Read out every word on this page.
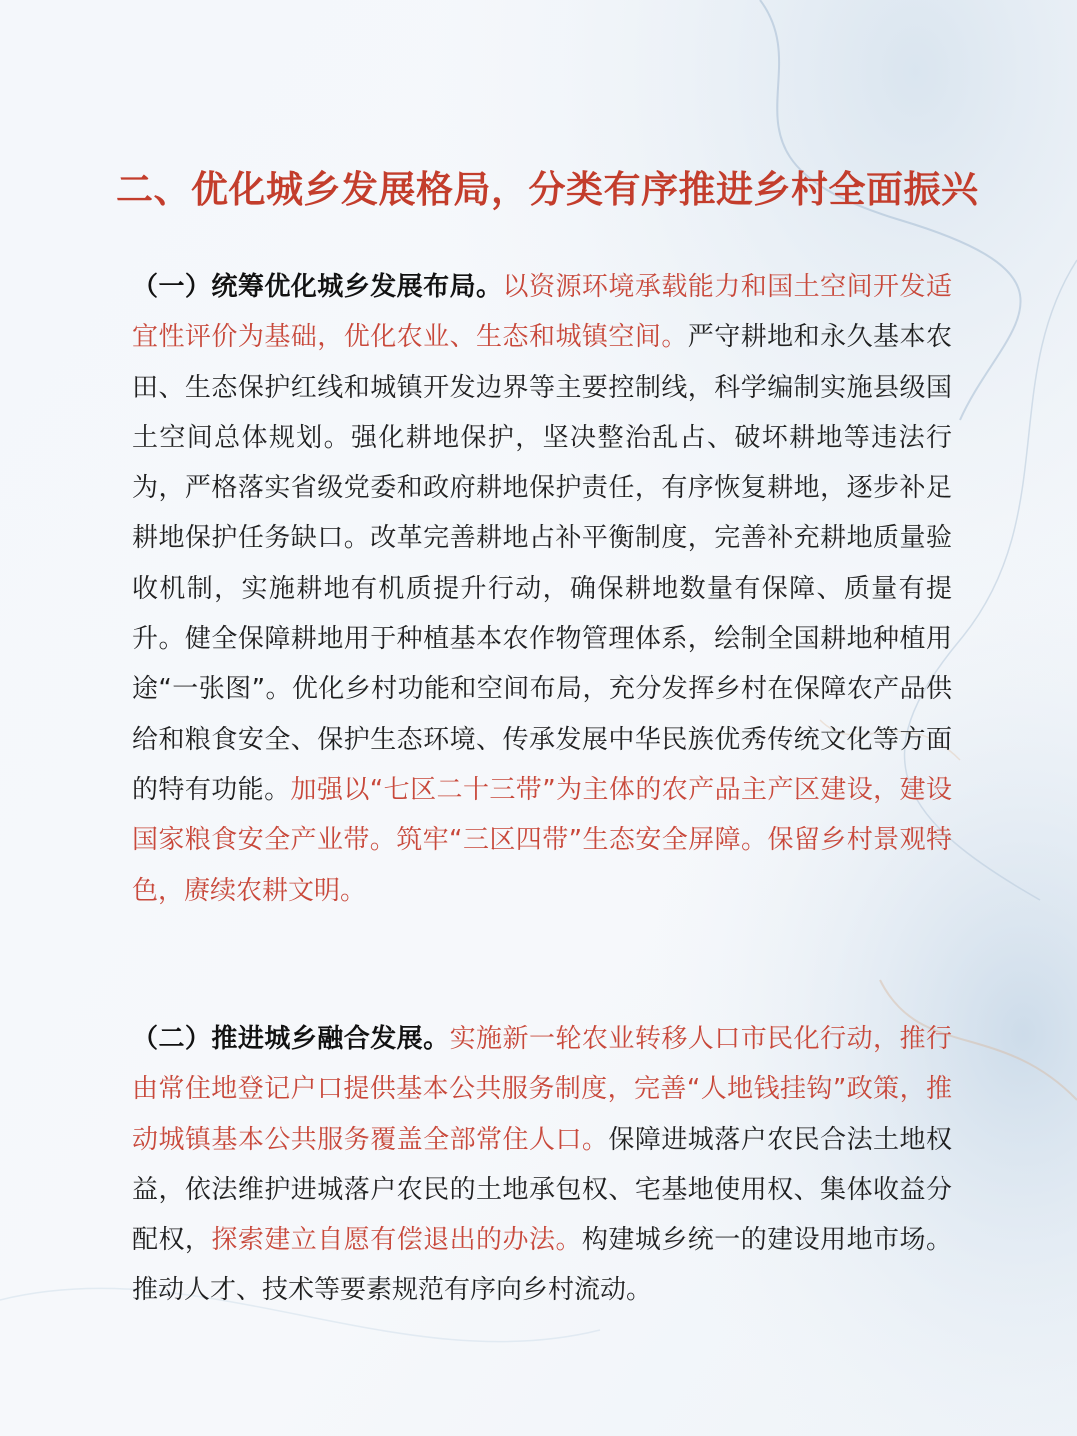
二、优化城乡发展格局，分类有序推进乡村全面振兴

（一）统筹优化城乡发展布局。以资源环境承载能力和国土空间开发适宜性评价为基础，优化农业、生态和城镇空间。严守耕地和永久基本农田、生态保护红线和城镇开发边界等主要控制线，科学编制实施县级国土空间总体规划。强化耕地保护，坚决整治乱占、破坏耕地等违法行为，严格落实省级党委和政府耕地保护责任，有序恢复耕地，逐步补足耕地保护任务缺口。改革完善耕地占补平衡制度，完善补充耕地质量验收机制，实施耕地有机质提升行动，确保耕地数量有保障、质量有提升。健全保障耕地用于种植基本农作物管理体系，绘制全国耕地种植用途“一张图”。优化乡村功能和空间布局，充分发挥乡村在保障农产品供给和粮食安全、保护生态环境、传承发展中华民族优秀传统文化等方面的特有功能。加强以“七区二十三带”为主体的农产品主产区建设，建设国家粮食安全产业带。筑牢“三区四带”生态安全屏障。保留乡村景观特色，赓续农耕文明。

（二）推进城乡融合发展。实施新一轮农业转移人口市民化行动，推行由常住地登记户口提供基本公共服务制度，完善“人地钱挂钩”政策，推动城镇基本公共服务覆盖全部常住人口。保障进城落户农民合法土地权益，依法维护进城落户农民的土地承包权、宅基地使用权、集体收益分配权，探索建立自愿有偿退出的办法。构建城乡统一的建设用地市场。推动人才、技术等要素规范有序向乡村流动。
